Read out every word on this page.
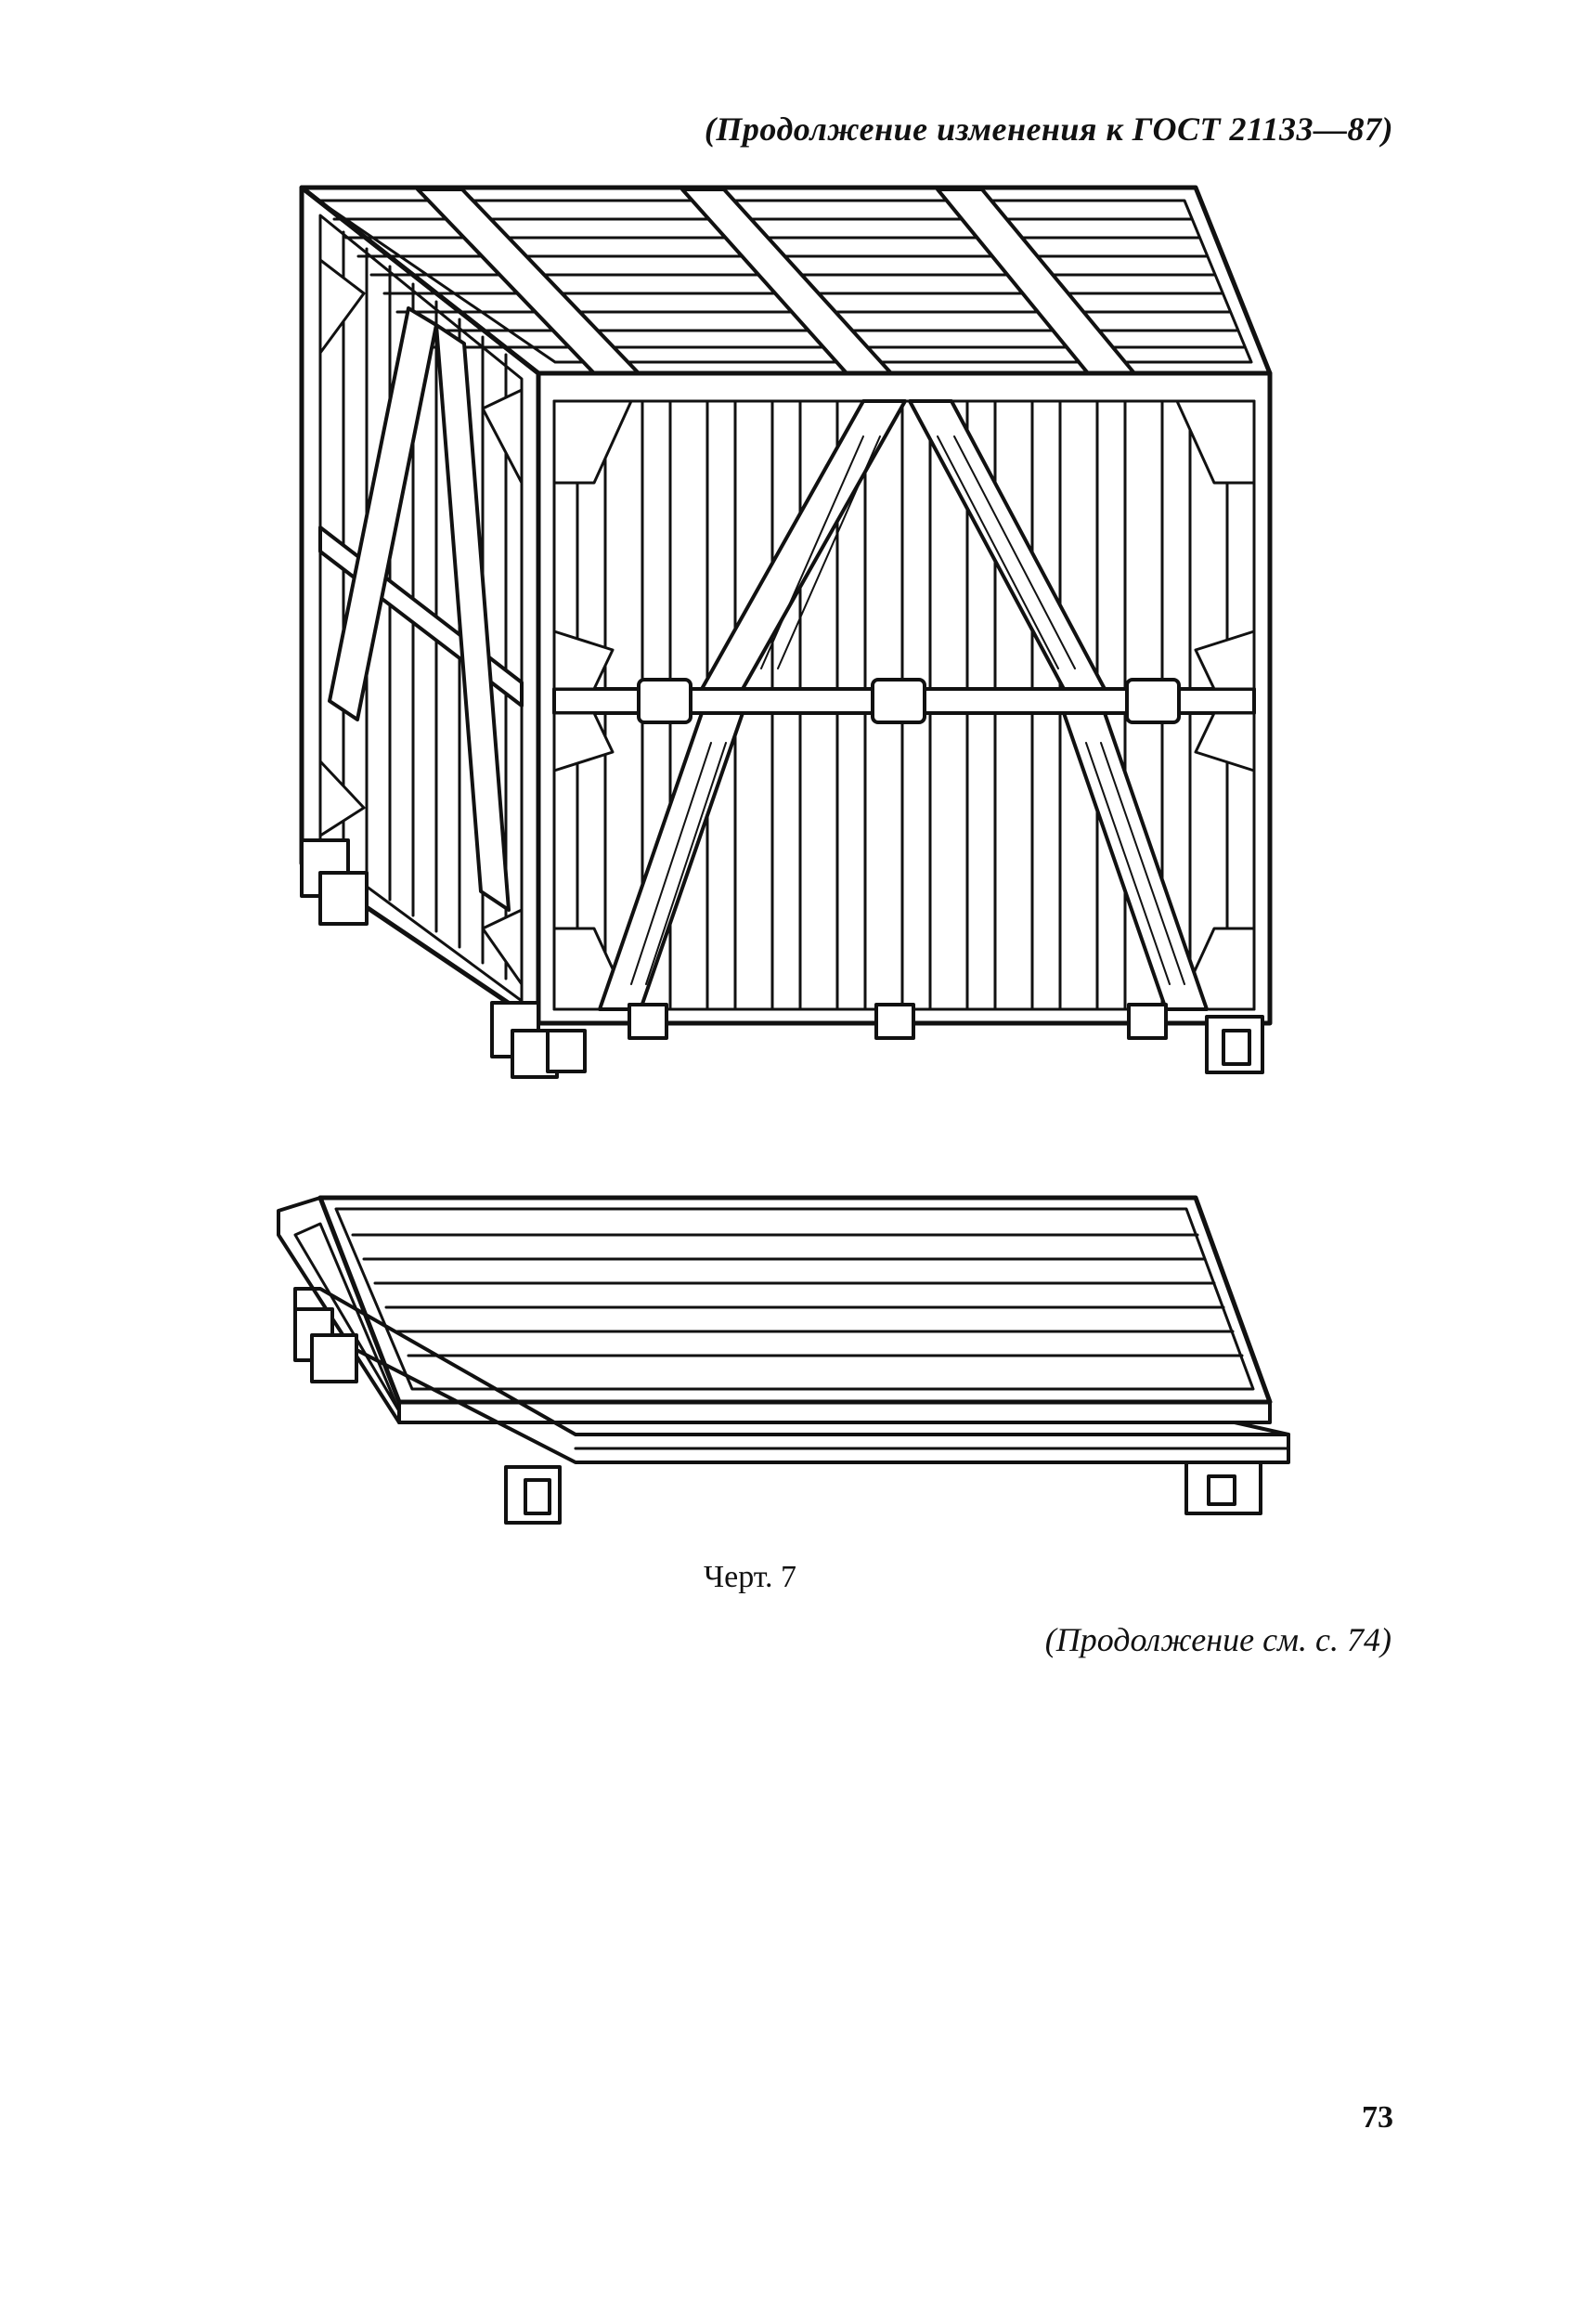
(Продолжение изменения к ГОСТ 21133—87)
Черт. 7
(Продолжение см. с. 74)
73
